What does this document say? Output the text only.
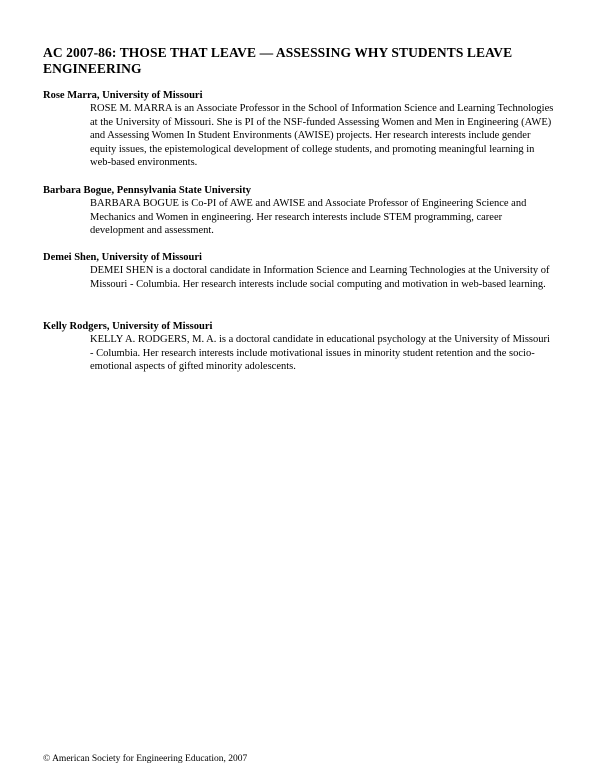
AC 2007-86: THOSE THAT LEAVE — ASSESSING WHY STUDENTS LEAVE ENGINEERING
Rose Marra, University of Missouri
ROSE M. MARRA is an Associate Professor in the School of Information Science and Learning Technologies at the University of Missouri. She is PI of the NSF-funded Assessing Women and Men in Engineering (AWE) and Assessing Women In Student Environments (AWISE) projects. Her research interests include gender equity issues, the epistemological development of college students, and promoting meaningful learning in web-based environments.
Barbara Bogue, Pennsylvania State University
BARBARA BOGUE is Co-PI of AWE and AWISE and Associate Professor of Engineering Science and Mechanics and Women in engineering. Her research interests include STEM programming, career development and assessment.
Demei Shen, University of Missouri
DEMEI SHEN is a doctoral candidate in Information Science and Learning Technologies at the University of Missouri - Columbia. Her research interests include social computing and motivation in web-based learning.
Kelly Rodgers, University of Missouri
KELLY A. RODGERS, M. A. is a doctoral candidate in educational psychology at the University of Missouri - Columbia. Her research interests include motivational issues in minority student retention and the socio-emotional aspects of gifted minority adolescents.
© American Society for Engineering Education, 2007
